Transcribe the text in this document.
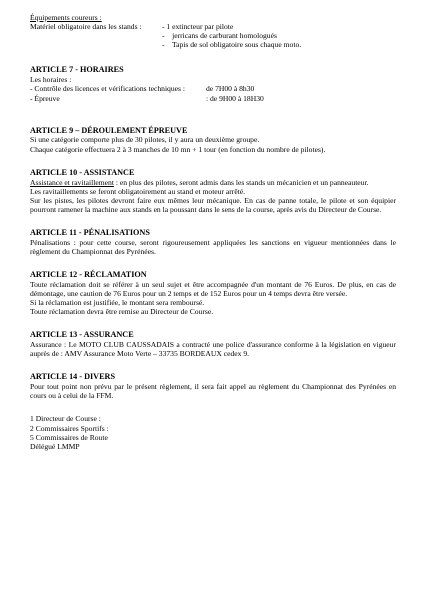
Équipements coureurs :

Matériel obligatoire dans les stands :	- 1 extincteur par pilote
-    jerricans de carburant homologués
-    Tapis de sol obligatoire sous chaque moto.

ARTICLE 7 - HORAIRES

Les horaires :

- Contrôle des licences et vérifications techniques :	de 7H00 à 8h30
- Épreuve	: de 9H00 à 18H30

ARTICLE 9 – DÉROULEMENT ÉPREUVE

Si une catégorie comporte plus de 30 pilotes, il y aura un deuxième groupe.

Chaque catégorie effectuera 2 à 3 manches de 10 mn + 1 tour (en fonction du nombre de pilotes).

ARTICLE 10 - ASSISTANCE

Assistance et ravitaillement : en plus des pilotes, seront admis dans les stands un mécanicien et un panneauteur.

Les ravitaillements se feront obligatoirement au stand et moteur arrêté.

Sur les pistes, les pilotes devront faire eux mêmes leur mécanique. En cas de panne totale, le pilote et son équipier pourront ramener la machine aux stands en la poussant dans le sens de la course, après avis du Directeur de Course.

ARTICLE 11 - PÉNALISATIONS

Pénalisations : pour cette course, seront rigoureusement appliquées les sanctions en vigueur mentionnées dans le règlement du Championnat des Pyrénées.

ARTICLE 12 - RÉCLAMATION

Toute réclamation doit se référer à un seul sujet et être accompagnée d'un montant de 76 Euros. De plus, en cas de démontage, une caution de 76 Euros pour un 2 temps et de 152 Euros pour un 4 temps devra être versée.

Si la réclamation est justifiée, le montant sera remboursé.

Toute réclamation devra être remise au Directeur de Course.

ARTICLE 13 - ASSURANCE

Assurance : Le MOTO CLUB CAUSSADAIS a contracté une police d'assurance conforme à la législation en vigueur auprès de : AMV Assurance Moto Verte – 33735 BORDEAUX cedex 9.

ARTICLE 14 - DIVERS

Pour tout point non prévu par le présent règlement, il sera fait appel au règlement du Championnat des Pyrénées en cours ou à celui de la FFM.

1 Directeur de Course :

2 Commissaires Sportifs :

5 Commissaires de Route

Délégué LMMP
